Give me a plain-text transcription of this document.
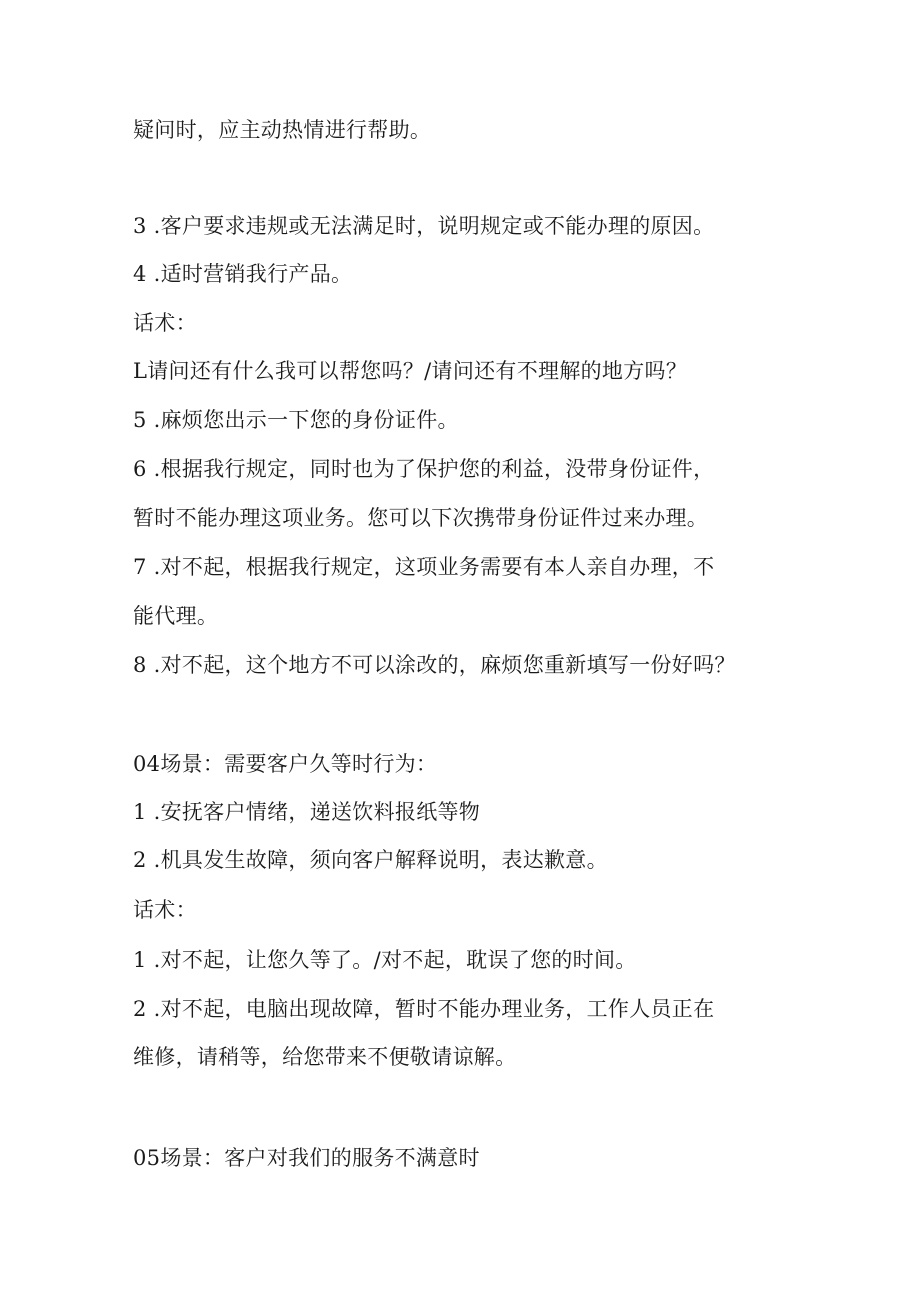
疑问时，应主动热情进行帮助。
3 .客户要求违规或无法满足时，说明规定或不能办理的原因。
4 .适时营销我行产品。
话术：
L请问还有什么我可以帮您吗？/请问还有不理解的地方吗？
5 .麻烦您出示一下您的身份证件。
6 .根据我行规定，同时也为了保护您的利益，没带身份证件，
暂时不能办理这项业务。您可以下次携带身份证件过来办理。
7 .对不起，根据我行规定，这项业务需要有本人亲自办理，不
能代理。
8 .对不起，这个地方不可以涂改的，麻烦您重新填写一份好吗？
04场景：需要客户久等时行为：
1 .安抚客户情绪，递送饮料报纸等物
2 .机具发生故障，须向客户解释说明，表达歉意。
话术：
1 .对不起，让您久等了。/对不起，耽误了您的时间。
2 .对不起，电脑出现故障，暂时不能办理业务，工作人员正在
维修，请稍等，给您带来不便敬请谅解。
05场景：客户对我们的服务不满意时
